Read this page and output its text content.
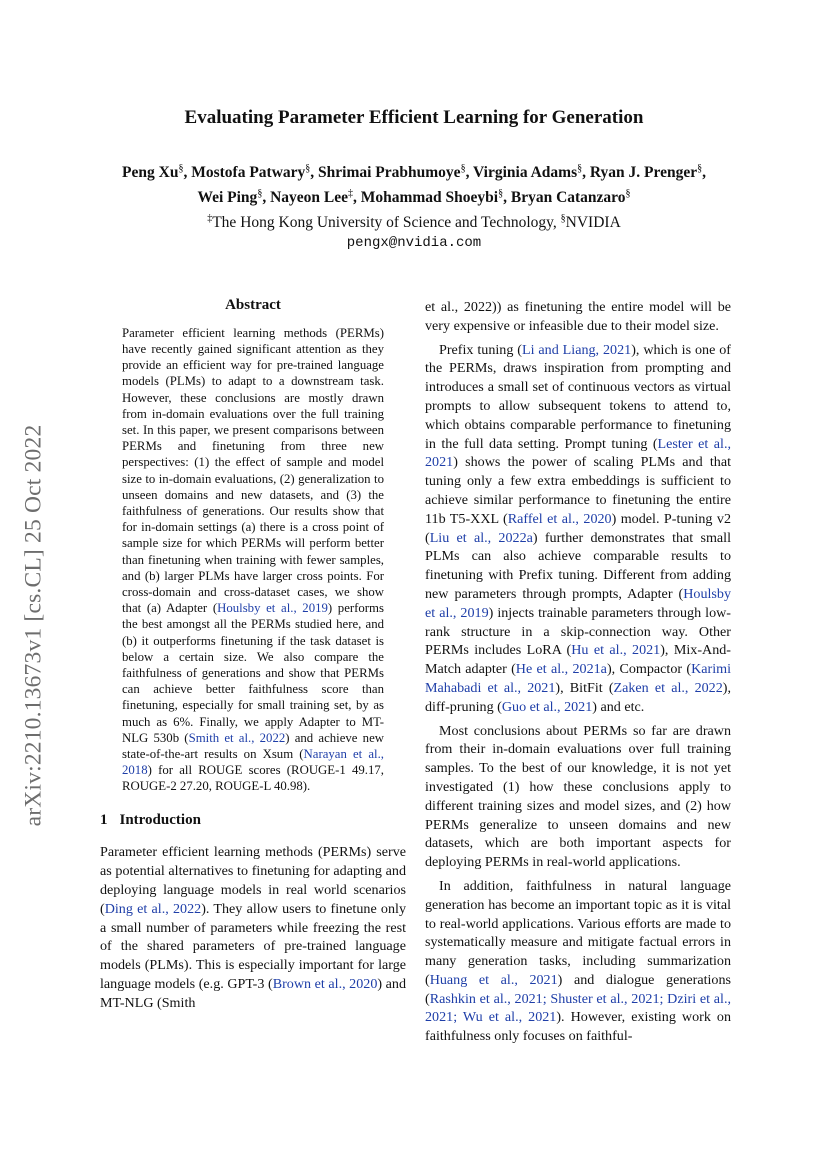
arXiv:2210.13673v1 [cs.CL] 25 Oct 2022
Evaluating Parameter Efficient Learning for Generation
Peng Xu§, Mostofa Patwary§, Shrimai Prabhumoye§, Virginia Adams§, Ryan J. Prenger§,
Wei Ping§, Nayeon Lee‡, Mohammad Shoeybi§, Bryan Catanzaro§
‡The Hong Kong University of Science and Technology, §NVIDIA
pengx@nvidia.com
Abstract

Parameter efficient learning methods (PERMs) have recently gained significant attention as they provide an efficient way for pre-trained language models (PLMs) to adapt to a downstream task. However, these conclusions are mostly drawn from in-domain evaluations over the full training set. In this paper, we present comparisons between PERMs and finetuning from three new perspectives: (1) the effect of sample and model size to in-domain evaluations, (2) generalization to unseen domains and new datasets, and (3) the faithfulness of generations. Our results show that for in-domain settings (a) there is a cross point of sample size for which PERMs will perform better than finetuning when training with fewer samples, and (b) larger PLMs have larger cross points. For cross-domain and cross-dataset cases, we show that (a) Adapter (Houlsby et al., 2019) performs the best amongst all the PERMs studied here, and (b) it outperforms finetuning if the task dataset is below a certain size. We also compare the faithfulness of generations and show that PERMs can achieve better faithfulness score than finetuning, especially for small training set, by as much as 6%. Finally, we apply Adapter to MT-NLG 530b (Smith et al., 2022) and achieve new state-of-the-art results on Xsum (Narayan et al., 2018) for all ROUGE scores (ROUGE-1 49.17, ROUGE-2 27.20, ROUGE-L 40.98).

1 Introduction

Parameter efficient learning methods (PERMs) serve as potential alternatives to finetuning for adapting and deploying language models in real world scenarios (Ding et al., 2022). They allow users to finetune only a small number of parameters while freezing the rest of the shared parameters of pre-trained language models (PLMs). This is especially important for large language models (e.g. GPT-3 (Brown et al., 2020) and MT-NLG (Smith

et al., 2022)) as finetuning the entire model will be very expensive or infeasible due to their model size.

Prefix tuning (Li and Liang, 2021), which is one of the PERMs, draws inspiration from prompting and introduces a small set of continuous vectors as virtual prompts to allow subsequent tokens to attend to, which obtains comparable performance to finetuning in the full data setting. Prompt tuning (Lester et al., 2021) shows the power of scaling PLMs and that tuning only a few extra embeddings is sufficient to achieve similar performance to finetuning the entire 11b T5-XXL (Raffel et al., 2020) model. P-tuning v2 (Liu et al., 2022a) further demonstrates that small PLMs can also achieve comparable results to finetuning with Prefix tuning. Different from adding new parameters through prompts, Adapter (Houlsby et al., 2019) injects trainable parameters through low-rank structure in a skip-connection way. Other PERMs includes LoRA (Hu et al., 2021), Mix-And-Match adapter (He et al., 2021a), Compactor (Karimi Mahabadi et al., 2021), BitFit (Zaken et al., 2022), diff-pruning (Guo et al., 2021) and etc.

Most conclusions about PERMs so far are drawn from their in-domain evaluations over full training samples. To the best of our knowledge, it is not yet investigated (1) how these conclusions apply to different training sizes and model sizes, and (2) how PERMs generalize to unseen domains and new datasets, which are both important aspects for deploying PERMs in real-world applications.

In addition, faithfulness in natural language generation has become an important topic as it is vital to real-world applications. Various efforts are made to systematically measure and mitigate factual errors in many generation tasks, including summarization (Huang et al., 2021) and dialogue generations (Rashkin et al., 2021; Shuster et al., 2021; Dziri et al., 2021; Wu et al., 2021). However, existing work on faithfulness only focuses on faithful-
